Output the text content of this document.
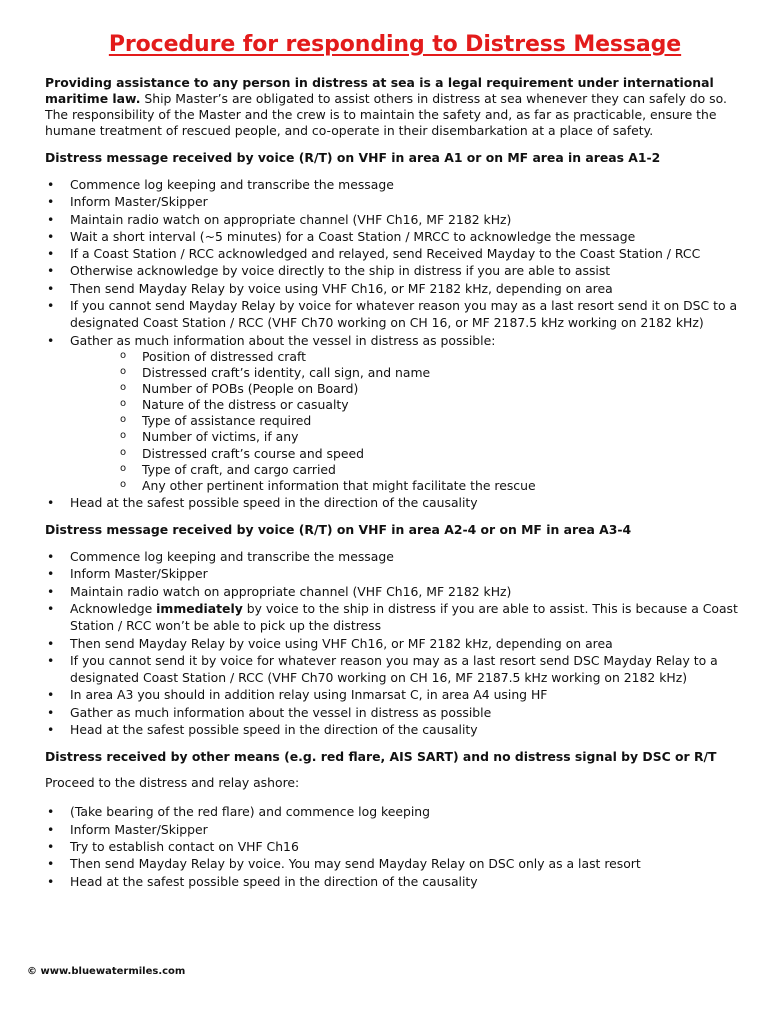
Procedure for responding to Distress Message

Providing assistance to any person in distress at sea is a legal requirement under international maritime law. Ship Master’s are obligated to assist others in distress at sea whenever they can safely do so. The responsibility of the Master and the crew is to maintain the safety and, as far as practicable, ensure the humane treatment of rescued people, and co-operate in their disembarkation at a place of safety.

Distress message received by voice (R/T) on VHF in area A1 or on MF area in areas A1-2
• Commence log keeping and transcribe the message
• Inform Master/Skipper
• Maintain radio watch on appropriate channel (VHF Ch16, MF 2182 kHz)
• Wait a short interval (~5 minutes) for a Coast Station / MRCC to acknowledge the message
• If a Coast Station / RCC acknowledged and relayed, send Received Mayday to the Coast Station / RCC
• Otherwise acknowledge by voice directly to the ship in distress if you are able to assist
• Then send Mayday Relay by voice using VHF Ch16, or MF 2182 kHz, depending on area
• If you cannot send Mayday Relay by voice for whatever reason you may as a last resort send it on DSC to a designated Coast Station / RCC (VHF Ch70 working on CH 16, or MF 2187.5 kHz working on 2182 kHz)
• Gather as much information about the vessel in distress as possible:
o Position of distressed craft
o Distressed craft’s identity, call sign, and name
o Number of POBs (People on Board)
o Nature of the distress or casualty
o Type of assistance required
o Number of victims, if any
o Distressed craft’s course and speed
o Type of craft, and cargo carried
o Any other pertinent information that might facilitate the rescue
• Head at the safest possible speed in the direction of the causality
Distress message received by voice (R/T) on VHF in area A2-4 or on MF in area A3-4
• Commence log keeping and transcribe the message
• Inform Master/Skipper
• Maintain radio watch on appropriate channel (VHF Ch16, MF 2182 kHz)
• Acknowledge immediately by voice to the ship in distress if you are able to assist. This is because a Coast Station / RCC won’t be able to pick up the distress
• Then send Mayday Relay by voice using VHF Ch16, or MF 2182 kHz, depending on area
• If you cannot send it by voice for whatever reason you may as a last resort send DSC Mayday Relay to a designated Coast Station / RCC (VHF Ch70 working on CH 16, MF 2187.5 kHz working on 2182 kHz)
• In area A3 you should in addition relay using Inmarsat C, in area A4 using HF
• Gather as much information about the vessel in distress as possible
• Head at the safest possible speed in the direction of the causality
Distress received by other means (e.g. red flare, AIS SART) and no distress signal by DSC or R/T

Proceed to the distress and relay ashore:

• (Take bearing of the red flare) and commence log keeping
• Inform Master/Skipper
• Try to establish contact on VHF Ch16
• Then send Mayday Relay by voice. You may send Mayday Relay on DSC only as a last resort
• Head at the safest possible speed in the direction of the causality
© www.bluewatermiles.com
